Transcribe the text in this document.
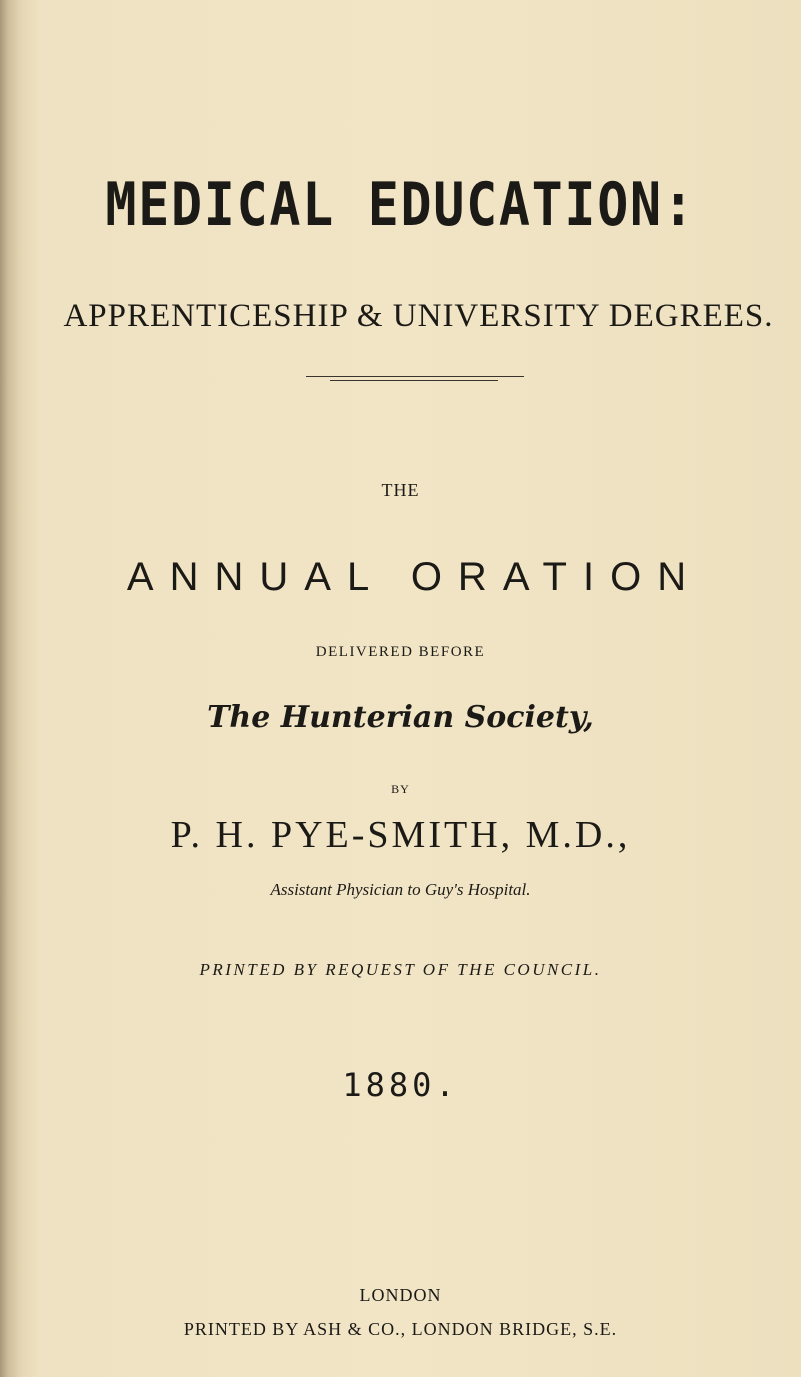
MEDICAL EDUCATION:
APPRENTICESHIP & UNIVERSITY DEGREES.
THE
ANNUAL ORATION
DELIVERED BEFORE
The Hunterian Society,
BY
P. H. PYE-SMITH, M.D.,
Assistant Physician to Guy's Hospital.
PRINTED BY REQUEST OF THE COUNCIL.
1880.
LONDON
PRINTED BY ASH & CO., LONDON BRIDGE, S.E.
